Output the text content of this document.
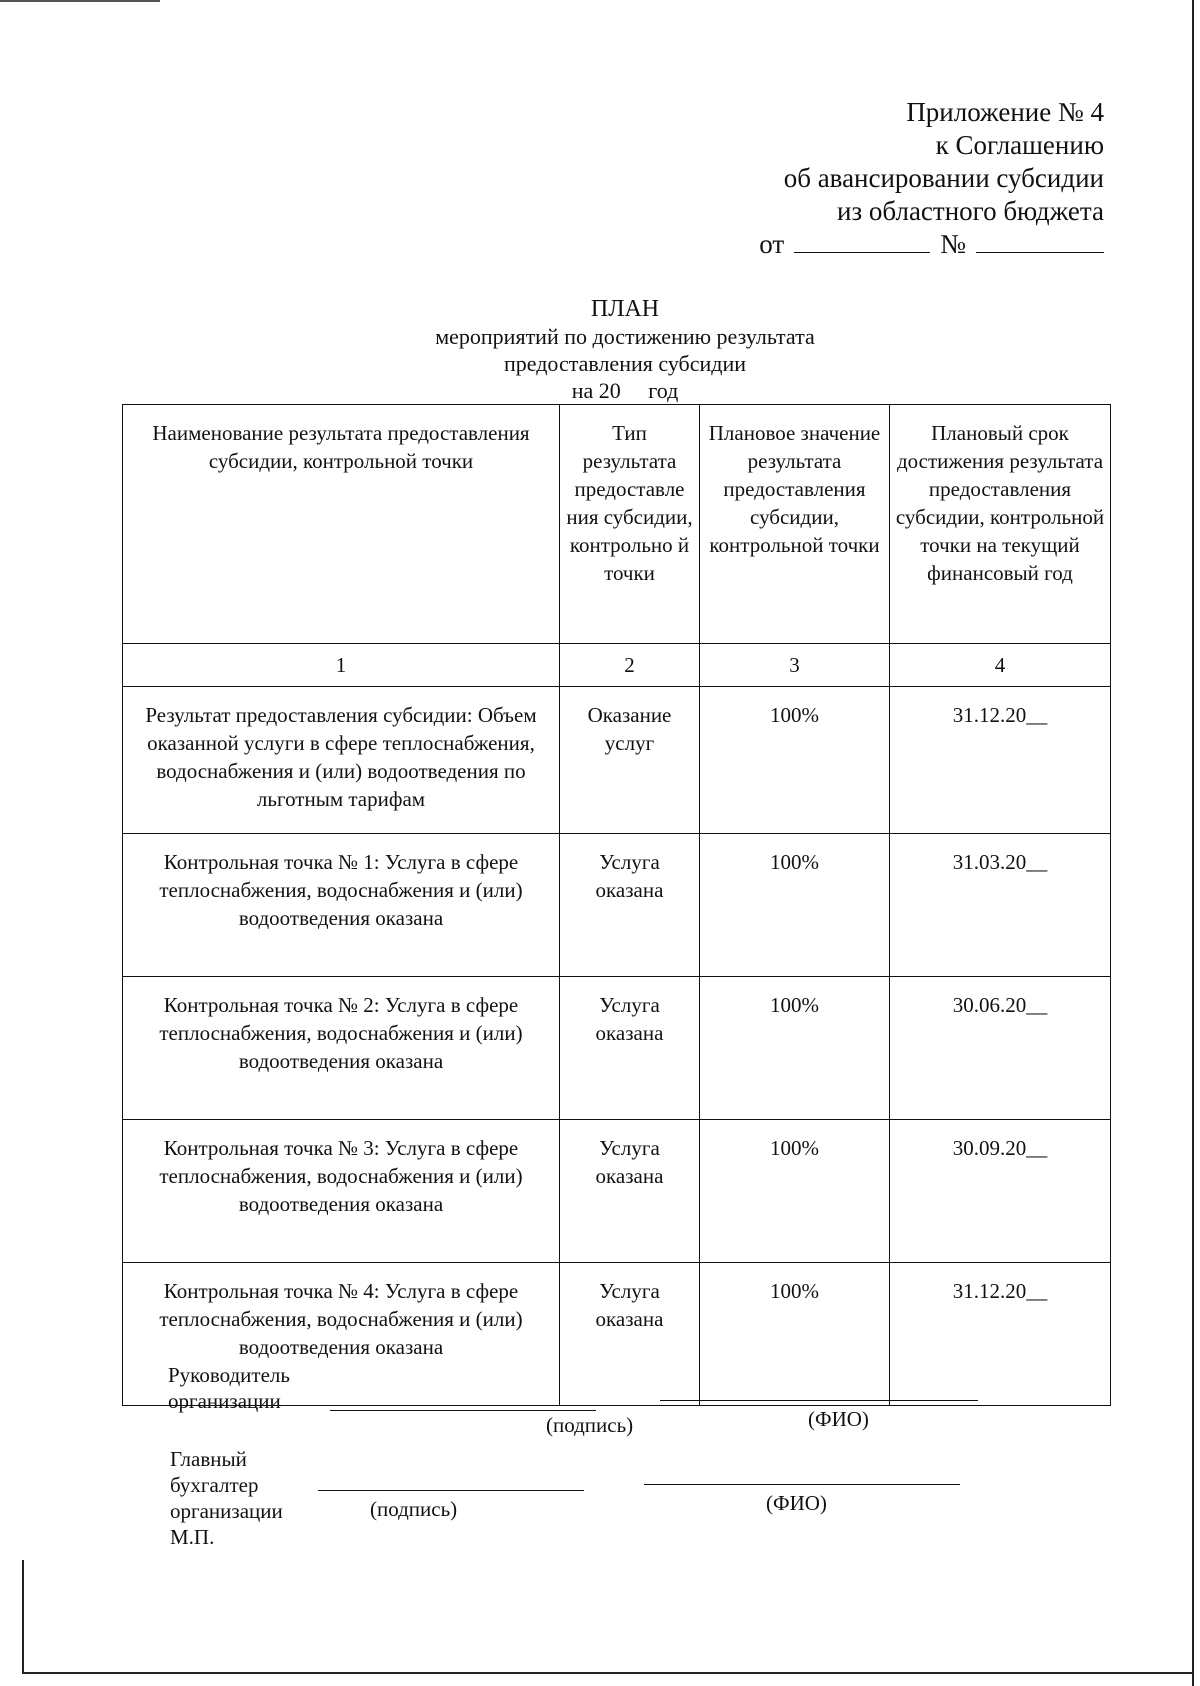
Приложение № 4
к Соглашению
об авансировании субсидии
из областного бюджета
от	№
ПЛАН
мероприятий по достижению результата
предоставления субсидии
на 20     год
Наименование результата предоставления субсидии, контрольной точки	Тип результата предоставле ния субсидии, контрольно й точки	Плановое значение результата предоставления субсидии, контрольной точки	Плановый срок достижения результата предоставления субсидии, контрольной точки на текущий финансовый год
1	2	3	4
Результат предоставления субсидии: Объем оказанной услуги в сфере теплоснабжения, водоснабжения и (или) водоотведения по льготным тарифам	Оказание услуг	100%	31.12.20__
Контрольная точка № 1: Услуга в сфере теплоснабжения, водоснабжения и (или) водоотведения оказана	Услуга оказана	100%	31.03.20__
Контрольная точка № 2: Услуга в сфере теплоснабжения, водоснабжения и (или) водоотведения оказана	Услуга оказана	100%	30.06.20__
Контрольная точка № 3: Услуга в сфере теплоснабжения, водоснабжения и (или) водоотведения оказана	Услуга оказана	100%	30.09.20__
Контрольная точка № 4: Услуга в сфере теплоснабжения, водоснабжения и (или) водоотведения оказана	Услуга оказана	100%	31.12.20__
Руководитель
организации
(подпись)	(ФИО)
Главный
бухгалтер
организации
М.П.
(подпись)	(ФИО)
